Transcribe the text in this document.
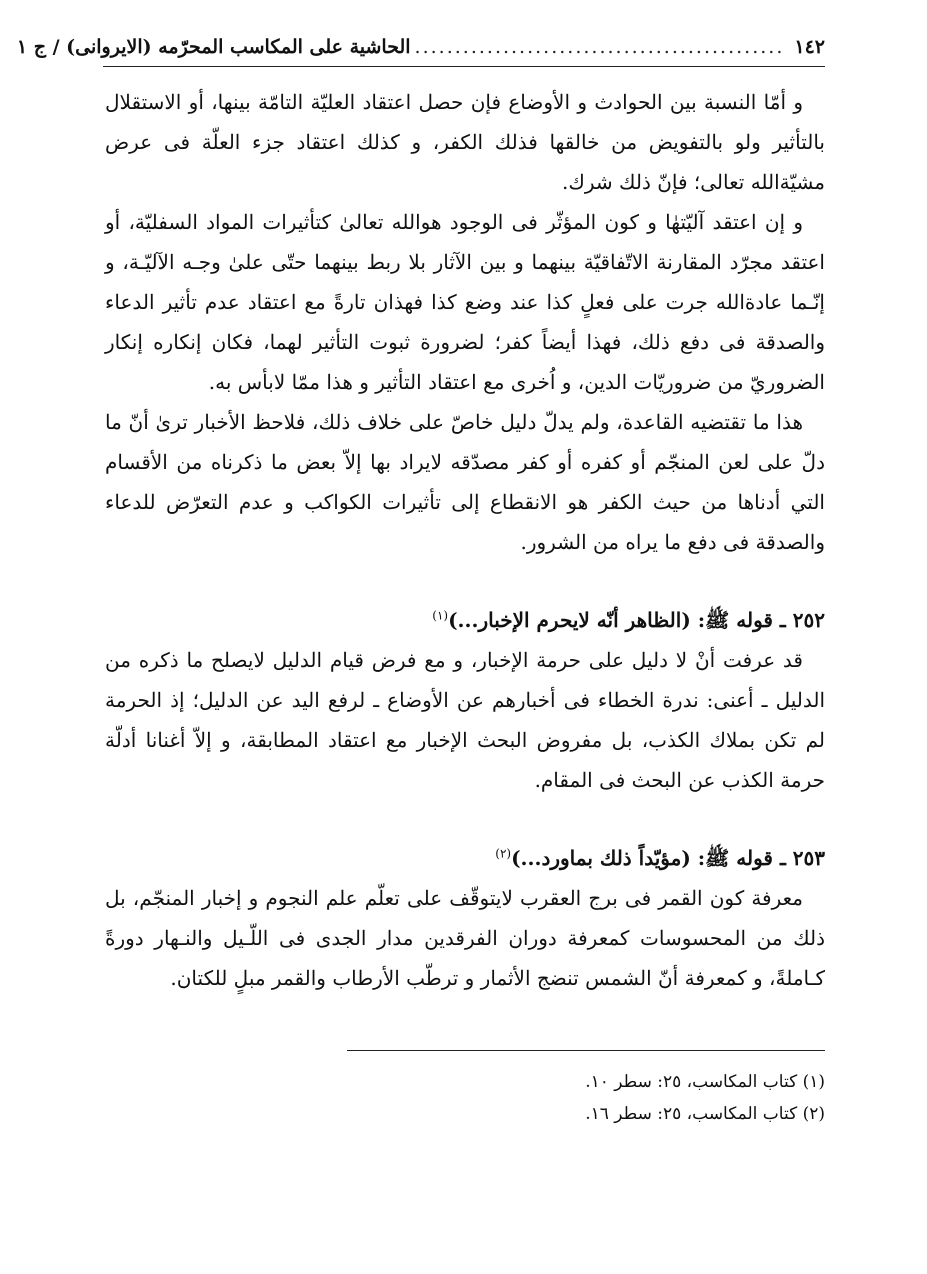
١٤٢
..............................................
الحاشية على المكاسب المحرّمه (الايروانى) / ج ١

و أمّا النسبة بين الحوادث و الأوضاع فإن حصل اعتقاد العليّة التامّة بينها، أو الاستقلال بالتأثير ولو بالتفويض من خالقها فذلك الكفر، و كذلك اعتقاد جزء العلّة فى عرض مشيّةالله تعالى؛ فإنّ ذلك شرك.

و إن اعتقد آليّتهٰا و كون المؤثّر فى الوجود هوالله تعالىٰ كتأثيرات المواد السفليّة، أو اعتقد مجرّد المقارنة الاتّفاقيّة بينهما و بين الآثار بلا ربط بينهما حتّى علىٰ وجـه الآليّـة، و إنّـما عادةالله جرت على فعلٍ كذا عند وضع كذا فهذان تارةً مع اعتقاد عدم تأثير الدعاء والصدقة فى دفع ذلك، فهذا أيضاً كفر؛ لضرورة ثبوت التأثير لهما، فكان إنكاره إنكار الضروريّ من ضروريّات الدين، و اُخرى مع اعتقاد التأثير و هذا ممّا لابأس به.

هذا ما تقتضيه القاعدة، ولم يدلّ دليل خاصّ على خلاف ذلك، فلاحظ الأخبار ترىٰ أنّ ما دلّ على لعن المنجّم أو كفره أو كفر مصدّقه لايراد بها إلاّ بعض ما ذكرناه من الأقسام التي أدناها من حيث الكفر هو الانقطاع إلى تأثيرات الكواكب و عدم التعرّض للدعاء والصدقة فى دفع ما يراه من الشرور.

٢٥٢ ـ قوله ﷺ: (الظاهر أنّه لايحرم الإخبار...)$^{(١)}$

قد عرفت أنْ لا دليل على حرمة الإخبار، و مع فرض قيام الدليل لايصلح ما ذكره من الدليل ـ أعنى: ندرة الخطاء فى أخبارهم عن الأوضاع ـ لرفع اليد عن الدليل؛ إذ الحرمة لم تكن بملاك الكذب، بل مفروض البحث الإخبار مع اعتقاد المطابقة، و إلاّ أغنانا أدلّة حرمة الكذب عن البحث فى المقام.

٢٥٣ ـ قوله ﷺ: (مؤيّداً ذلك بماورد...)$^{(٢)}$

معرفة كون القمر فى برج العقرب لايتوقّف على تعلّم علم النجوم و إخبار المنجّم، بل ذلك من المحسوسات كمعرفة دوران الفرقدين مدار الجدى فى اللّـيل والنـهار دورةً كـاملةً، و كمعرفة أنّ الشمس تنضج الأثمار و ترطّب الأرطاب والقمر مبلٍ للكتان.

(١) كتاب المكاسب، ٢٥: سطر ١٠.
(٢) كتاب المكاسب، ٢٥: سطر ١٦.
